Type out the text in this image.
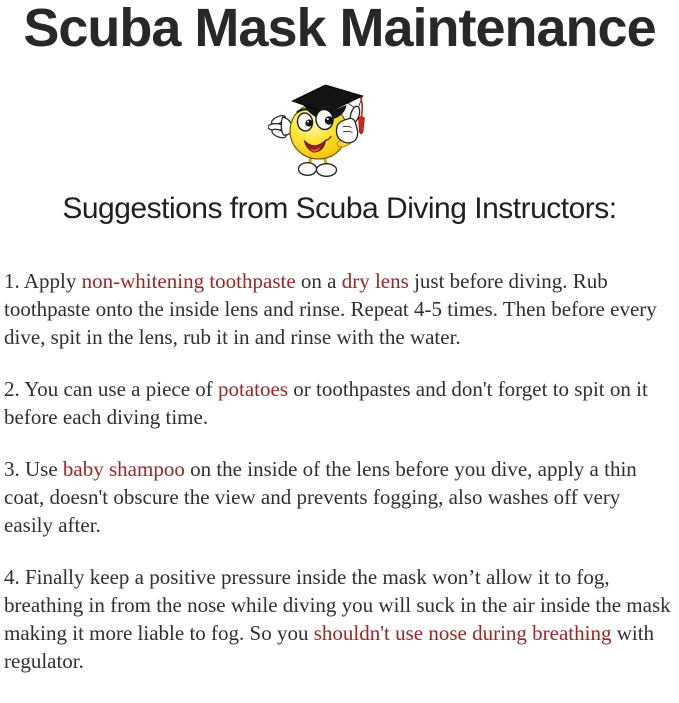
Scuba Mask Maintenance
Suggestions from Scuba Diving Instructors:

1. Apply non-whitening toothpaste on a dry lens just before diving. Rub toothpaste onto the inside lens and rinse. Repeat 4-5 times. Then before every dive, spit in the lens, rub it in and rinse with the water.

2. You can use a piece of potatoes or toothpastes and don't forget to spit on it before each diving time.

3. Use baby shampoo on the inside of the lens before you dive, apply a thin coat, doesn't obscure the view and prevents fogging, also washes off very easily after.

4. Finally keep a positive pressure inside the mask won’t allow it to fog, breathing in from the nose while diving you will suck in the air inside the mask making it more liable to fog. So you shouldn't use nose during breathing with regulator.
